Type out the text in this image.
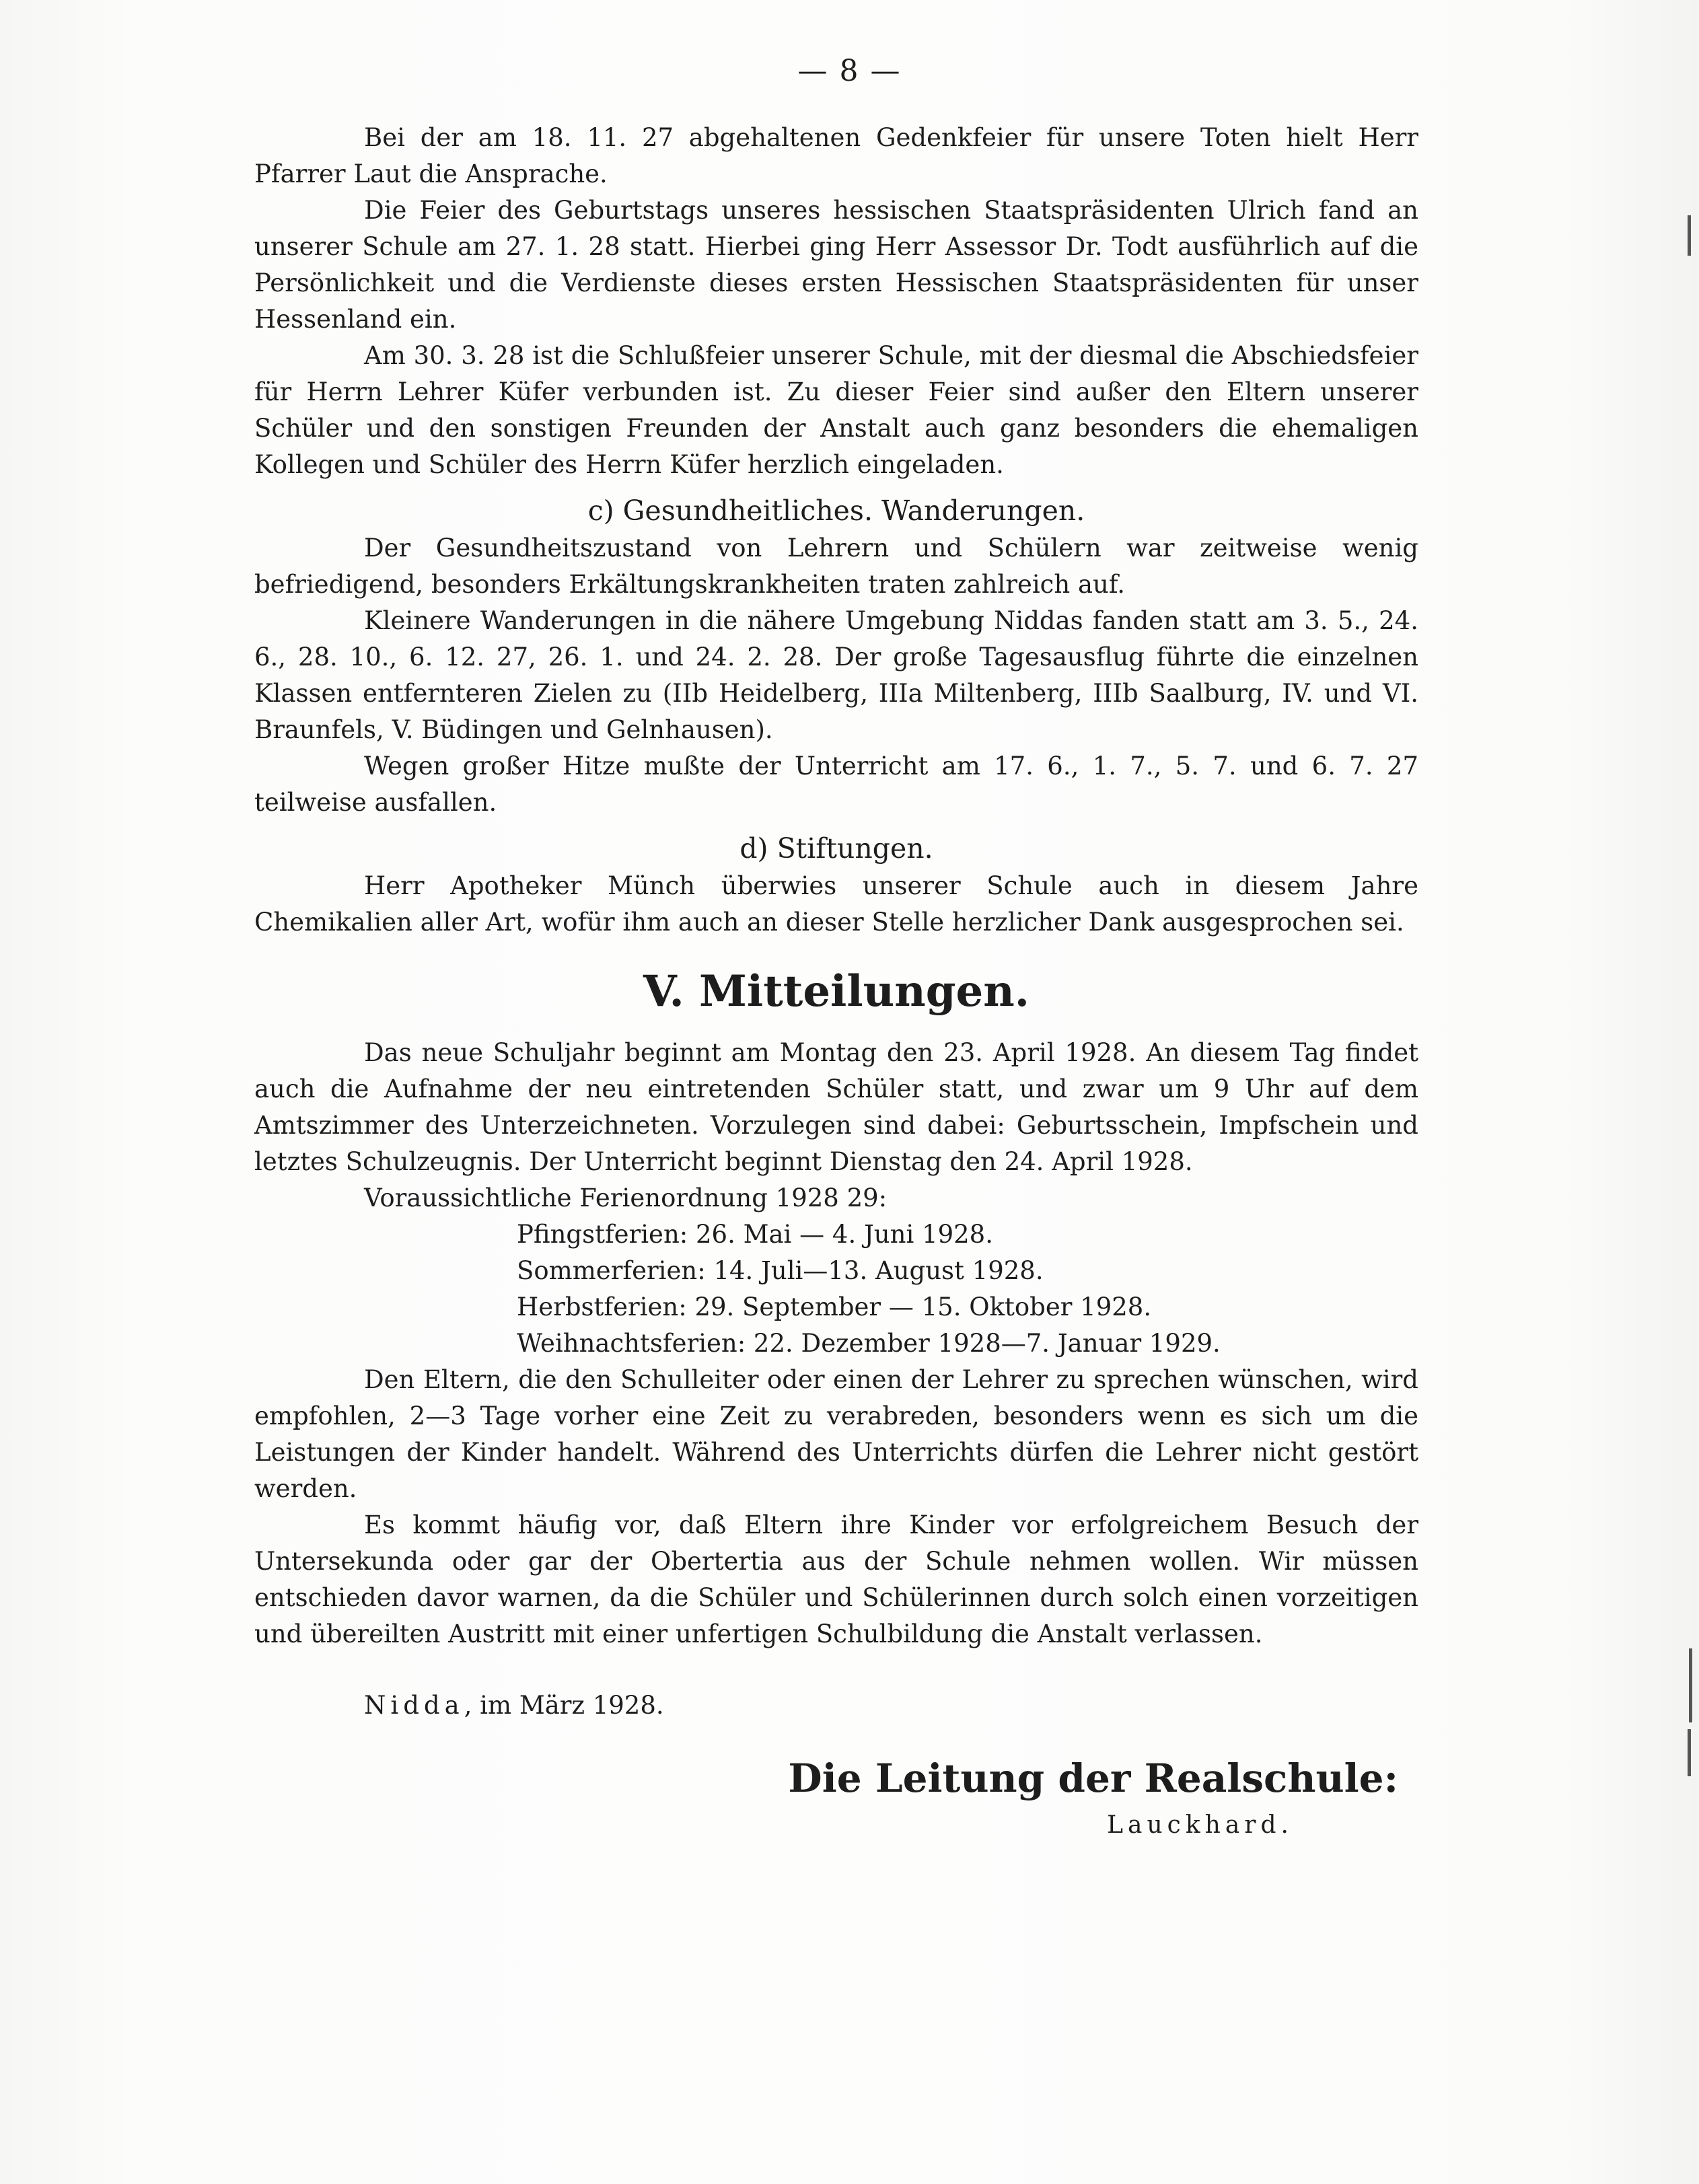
— 8 —

Bei der am 18. 11. 27 abgehaltenen Gedenkfeier für unsere Toten hielt Herr Pfarrer Laut die Ansprache.

Die Feier des Geburtstags unseres hessischen Staatspräsidenten Ulrich fand an unserer Schule am 27. 1. 28 statt. Hierbei ging Herr Assessor Dr. Todt ausführlich auf die Persönlichkeit und die Verdienste dieses ersten Hessischen Staatspräsidenten für unser Hessenland ein.

Am 30. 3. 28 ist die Schlußfeier unserer Schule, mit der diesmal die Abschiedsfeier für Herrn Lehrer Küfer verbunden ist. Zu dieser Feier sind außer den Eltern unserer Schüler und den sonstigen Freunden der Anstalt auch ganz besonders die ehemaligen Kollegen und Schüler des Herrn Küfer herzlich eingeladen.

c) Gesundheitliches. Wanderungen.

Der Gesundheitszustand von Lehrern und Schülern war zeitweise wenig befriedigend, besonders Erkältungskrankheiten traten zahlreich auf.

Kleinere Wanderungen in die nähere Umgebung Niddas fanden statt am 3. 5., 24. 6., 28. 10., 6. 12. 27, 26. 1. und 24. 2. 28. Der große Tagesausflug führte die einzelnen Klassen entfernteren Zielen zu (IIb Heidelberg, IIIa Miltenberg, IIIb Saalburg, IV. und VI. Braunfels, V. Büdingen und Gelnhausen).

Wegen großer Hitze mußte der Unterricht am 17. 6., 1. 7., 5. 7. und 6. 7. 27 teilweise ausfallen.

d) Stiftungen.

Herr Apotheker Münch überwies unserer Schule auch in diesem Jahre Chemikalien aller Art, wofür ihm auch an dieser Stelle herzlicher Dank ausgesprochen sei.

V. Mitteilungen.

Das neue Schuljahr beginnt am Montag den 23. April 1928. An diesem Tag findet auch die Aufnahme der neu eintretenden Schüler statt, und zwar um 9 Uhr auf dem Amtszimmer des Unterzeichneten. Vorzulegen sind dabei: Geburtsschein, Impfschein und letztes Schulzeugnis. Der Unterricht beginnt Dienstag den 24. April 1928.

Voraussichtliche Ferienordnung 1928 29:

Pfingstferien: 26. Mai — 4. Juni 1928.

Sommerferien: 14. Juli—13. August 1928.

Herbstferien: 29. September — 15. Oktober 1928.

Weihnachtsferien: 22. Dezember 1928—7. Januar 1929.

Den Eltern, die den Schulleiter oder einen der Lehrer zu sprechen wünschen, wird empfohlen, 2—3 Tage vorher eine Zeit zu verabreden, besonders wenn es sich um die Leistungen der Kinder handelt. Während des Unterrichts dürfen die Lehrer nicht gestört werden.

Es kommt häufig vor, daß Eltern ihre Kinder vor erfolgreichem Besuch der Untersekunda oder gar der Obertertia aus der Schule nehmen wollen. Wir müssen entschieden davor warnen, da die Schüler und Schülerinnen durch solch einen vorzeitigen und übereilten Austritt mit einer unfertigen Schulbildung die Anstalt verlassen.

Nidda, im März 1928.

Die Leitung der Realschule:

Lauckhard.
